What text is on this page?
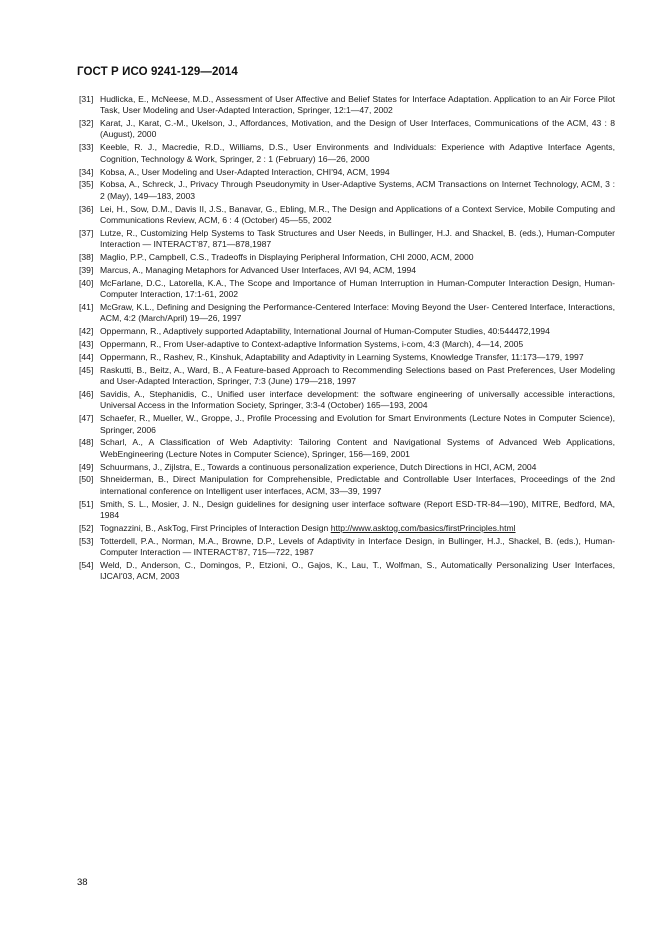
ГОСТ Р ИСО 9241-129—2014
[31] Hudlicka, E., McNeese, M.D., Assessment of User Affective and Belief States for Interface Adaptation. Application to an Air Force Pilot Task, User Modeling and User-Adapted Interaction, Springer, 12:1—47, 2002
[32] Karat, J., Karat, C.-M., Ukelson, J., Affordances, Motivation, and the Design of User Interfaces, Communications of the ACM, 43 : 8 (August), 2000
[33] Keeble, R. J., Macredie, R.D., Williams, D.S., User Environments and Individuals: Experience with Adaptive Interface Agents, Cognition, Technology & Work, Springer, 2 : 1 (February) 16—26, 2000
[34] Kobsa, A., User Modeling and User-Adapted Interaction, CHI'94, ACM, 1994
[35] Kobsa, A., Schreck, J., Privacy Through Pseudonymity in User-Adaptive Systems, ACM Transactions on Internet Technology, ACM, 3 : 2 (May), 149—183, 2003
[36] Lei, H., Sow, D.M., Davis II, J.S., Banavar, G., Ebling, M.R., The Design and Applications of a Context Service, Mobile Computing and Communications Review, ACM, 6 : 4 (October) 45—55, 2002
[37] Lutze, R., Customizing Help Systems to Task Structures and User Needs, in Bullinger, H.J. and Shackel, B. (eds.), Human-Computer Interaction — INTERACT'87, 871—878,1987
[38] Maglio, P.P., Campbell, C.S., Tradeoffs in Displaying Peripheral Information, CHI 2000, ACM, 2000
[39] Marcus, A., Managing Metaphors for Advanced User Interfaces, AVI 94, ACM, 1994
[40] McFarlane, D.C., Latorella, K.A., The Scope and Importance of Human Interruption in Human-Computer Interaction Design, Human-Computer Interaction, 17:1-61, 2002
[41] McGraw, K.L., Defining and Designing the Performance-Centered Interface: Moving Beyond the User- Centered Interface, Interactions, ACM, 4:2 (March/April) 19—26, 1997
[42] Oppermann, R., Adaptively supported Adaptability, International Journal of Human-Computer Studies, 40:544472,1994
[43] Oppermann, R., From User-adaptive to Context-adaptive Information Systems, i-com, 4:3 (March), 4—14, 2005
[44] Oppermann, R., Rashev, R., Kinshuk, Adaptability and Adaptivity in Learning Systems, Knowledge Transfer, 11:173—179, 1997
[45] Raskutti, B., Beitz, A., Ward, B., A Feature-based Approach to Recommending Selections based on Past Preferences, User Modeling and User-Adapted Interaction, Springer, 7:3 (June) 179—218, 1997
[46] Savidis, A., Stephanidis, C., Unified user interface development: the software engineering of universally accessible interactions, Universal Access in the Information Society, Springer, 3:3-4 (October) 165—193, 2004
[47] Schaefer, R., Mueller, W., Groppe, J., Profile Processing and Evolution for Smart Environments (Lecture Notes in Computer Science), Springer, 2006
[48] Scharl, A., A Classification of Web Adaptivity: Tailoring Content and Navigational Systems of Advanced Web Applications, WebEngineering (Lecture Notes in Computer Science), Springer, 156—169, 2001
[49] Schuurmans, J., Zijlstra, E., Towards a continuous personalization experience, Dutch Directions in HCI, ACM, 2004
[50] Shneiderman, B., Direct Manipulation for Comprehensible, Predictable and Controllable User Interfaces, Proceedings of the 2nd international conference on Intelligent user interfaces, ACM, 33—39, 1997
[51] Smith, S. L., Mosier, J. N., Design guidelines for designing user interface software (Report ESD-TR-84—190), MITRE, Bedford, MA, 1984
[52] Tognazzini, B., AskTog, First Principles of Interaction Design http://www.asktog.com/basics/firstPrinciples.html
[53] Totterdell, P.A., Norman, M.A., Browne, D.P., Levels of Adaptivity in Interface Design, in Bullinger, H.J., Shackel, B. (eds.), Human-Computer Interaction — INTERACT'87, 715—722, 1987
[54] Weld, D., Anderson, C., Domingos, P., Etzioni, O., Gajos, K., Lau, T., Wolfman, S., Automatically Personalizing User Interfaces, IJCAI'03, ACM, 2003
38
